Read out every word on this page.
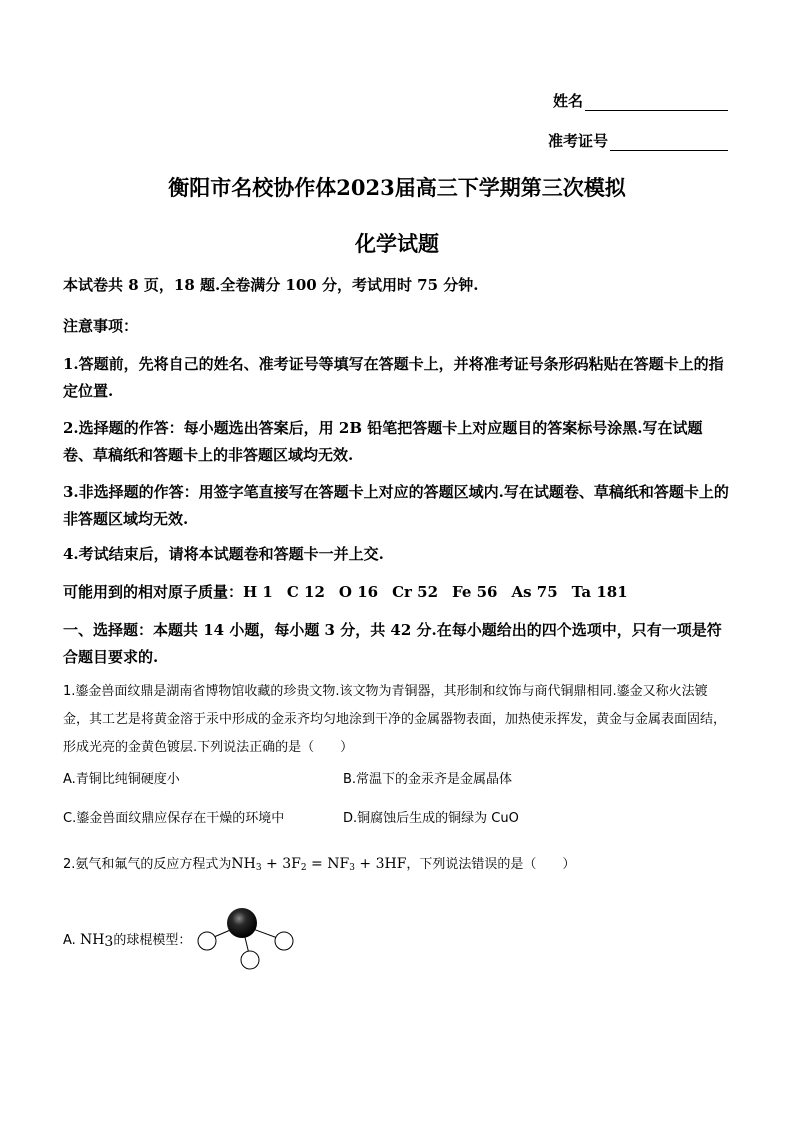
姓名
准考证号
衡阳市名校协作体2023届高三下学期第三次模拟
化学试题
本试卷共 8 页，18 题.全卷满分 100 分，考试用时 75 分钟.
注意事项：
1.答题前，先将自己的姓名、准考证号等填写在答题卡上，并将准考证号条形码粘贴在答题卡上的指定位置.
2.选择题的作答：每小题选出答案后，用 2B 铅笔把答题卡上对应题目的答案标号涂黑.写在试题卷、草稿纸和答题卡上的非答题区域均无效.
3.非选择题的作答：用签字笔直接写在答题卡上对应的答题区域内.写在试题卷、草稿纸和答题卡上的非答题区域均无效.
4.考试结束后，请将本试题卷和答题卡一并上交.
可能用到的相对原子质量：H 1 C 12 O 16 Cr 52 Fe 56 As 75 Ta 181
一、选择题：本题共 14 小题，每小题 3 分，共 42 分.在每小题给出的四个选项中，只有一项是符合题目要求的.
1.鎏金兽面纹鼎是湖南省博物馆收藏的珍贵文物.该文物为青铜器，其形制和纹饰与商代铜鼎相同.鎏金又称火法镀金，其工艺是将黄金溶于汞中形成的金汞齐均匀地涂到干净的金属器物表面，加热使汞挥发，黄金与金属表面固结，形成光亮的金黄色镀层.下列说法正确的是（　　）
A.青铜比纯铜硬度小	B.常温下的金汞齐是金属晶体
C.鎏金兽面纹鼎应保存在干燥的环境中	D.铜腐蚀后生成的铜绿为 CuO
2.氨气和氟气的反应方程式为$NH_3 + 3F_2 = NF_3 + 3HF$，下列说法错误的是（　　）
A. NH3的球棍模型：
